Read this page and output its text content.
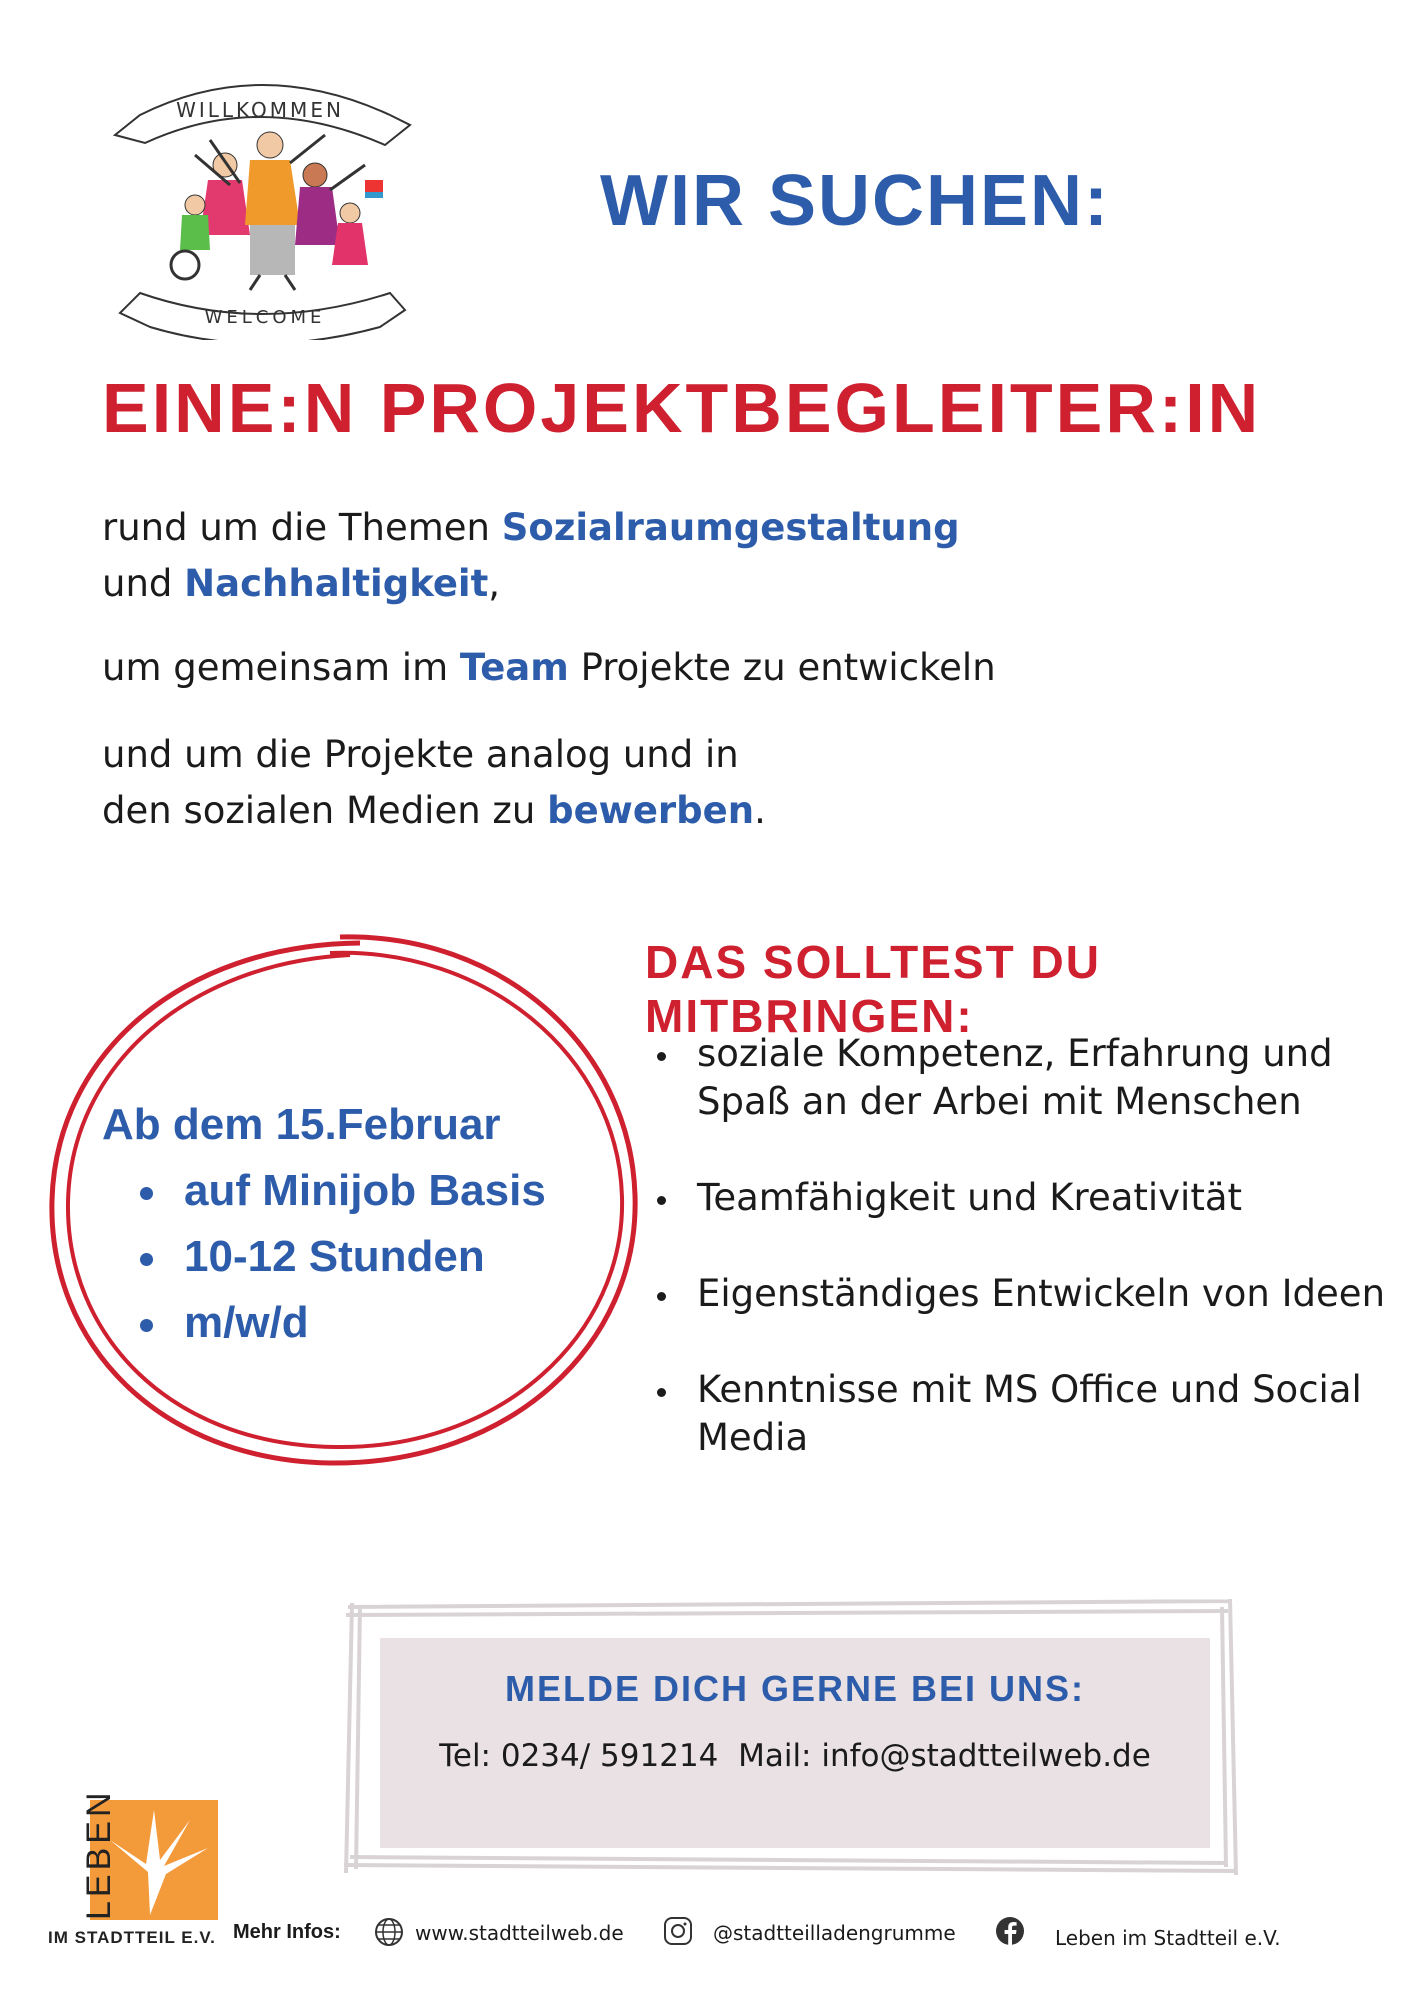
WILLKOMMEN
WELCOME
WIR SUCHEN:
EINE:N PROJEKTBEGLEITER:IN
rund um die Themen Sozialraumgestaltung
und Nachhaltigkeit,
um gemeinsam im Team Projekte zu entwickeln
und um die Projekte analog und in
den sozialen Medien zu bewerben.
Ab dem 15.Februar
auf Minijob Basis
10-12 Stunden
m/w/d
DAS SOLLTEST DU MITBRINGEN:
soziale Kompetenz, Erfahrung und Spaß an der Arbei mit Menschen
Teamfähigkeit und Kreativität
Eigenständiges Entwickeln von Ideen
Kenntnisse mit MS Office und Social Media
MELDE DICH GERNE BEI UNS:
Tel: 0234/ 591214  Mail: info@stadtteilweb.de
LEBEN
IM STADTTEIL E.V. Mehr Infos:	www.stadtteilweb.de	@stadtteilladengrumme	Leben im Stadtteil e.V.
